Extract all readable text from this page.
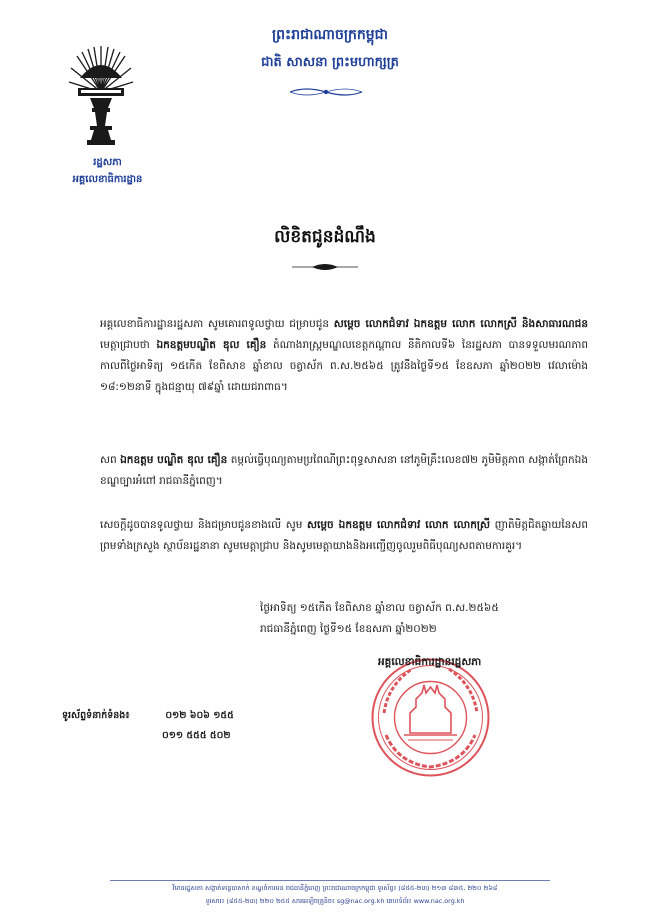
រដ្ឋសភា
អគ្គលេខាធិការដ្ឋាន
ព្រះរាជាណាចក្រកម្ពុជា
ជាតិ សាសនា ព្រះមហាក្សត្រ
លិខិតជូនដំណឹង
អគ្គលេខាធិការដ្ឋានរដ្ឋសភា សូមគោរពទូលថ្វាយ ជម្រាបជូន សម្តេច លោកជំទាវ ឯកឧត្តម លោក លោកស្រី និងសាធារណជន មេត្តាជ្រាបថា ឯកឧត្តមបណ្ឌិត ឌុល គឿន តំណាងរាស្ត្រមណ្ឌលខេត្តកណ្តាល នីតិកាលទី៦ នៃរដ្ឋសភា បានទទួលមរណភាព កាលពីថ្ងៃអាទិត្យ ១៥កើត ខែពិសាខ ឆ្នាំខាល ចត្វាស័ក ព.ស.២៥៦៥ ត្រូវនឹងថ្ងៃទី១៥ ខែឧសភា ឆ្នាំ២០២២ វេលាម៉ោង ១៨:១២នាទី ក្នុងជន្មាយុ ៧៩ឆ្នាំ ដោយជរាពាធ។
សព ឯកឧត្តម បណ្ឌិត ឌុល គឿន តម្កល់ធ្វើបុណ្យតាមប្រពៃណីព្រះពុទ្ធសាសនា នៅភូមិគ្រឹះលេខ៧២ ភូមិមិត្តភាព សង្កាត់ព្រែកឯង ខណ្ឌច្បារអំពៅ រាជធានីភ្នំពេញ។
សេចក្តីដូចបានទូលថ្វាយ និងជម្រាបជូនខាងលើ សូម សម្តេច ឯកឧត្តម លោកជំទាវ លោក លោកស្រី ញាតិមិត្តជិតឆ្ងាយនៃសព ព្រមទាំងក្រសួង ស្ថាប័នរដ្ឋនានា សូមមេត្តាជ្រាប និងសូមមេត្តាយាងនិងអញ្ជើញចូលរួមពិធីបុណ្យសពតាមការគួរ។
ថ្ងៃអាទិត្យ ១៥កើត ខែពិសាខ ឆ្នាំខាល ចត្វាស័ក ព.ស.២៥៦៥
រាជធានីភ្នំពេញ ថ្ងៃទី១៥ ខែឧសភា ឆ្នាំ២០២២
អគ្គលេខាធិការដ្ឋានរដ្ឋសភា
ទូរស័ព្ទទំនាក់ទំនង៖	០១២ ៦០៦ ១៥៥
០១១ ៥៥៥ ៥០២
វិមានរដ្ឋសភា សង្កាត់ទន្លេបាសាក់ ខណ្ឌចំការមន រាជធានីភ្នំពេញ ព្រះរាជាណាចក្រកម្ពុជា ទូរស័ព្ទ៖ (៨៥៥-២៣) ២១៣ ៨៣៥, ២២០ ២៦៨
ទូរសារ៖ (៨៥៥-២៣) ២២០ ២៥៥ សារអេឡិចត្រូនិច៖ sg@nac.org.kh គេហទំព័រ៖ www.nac.org.kh
